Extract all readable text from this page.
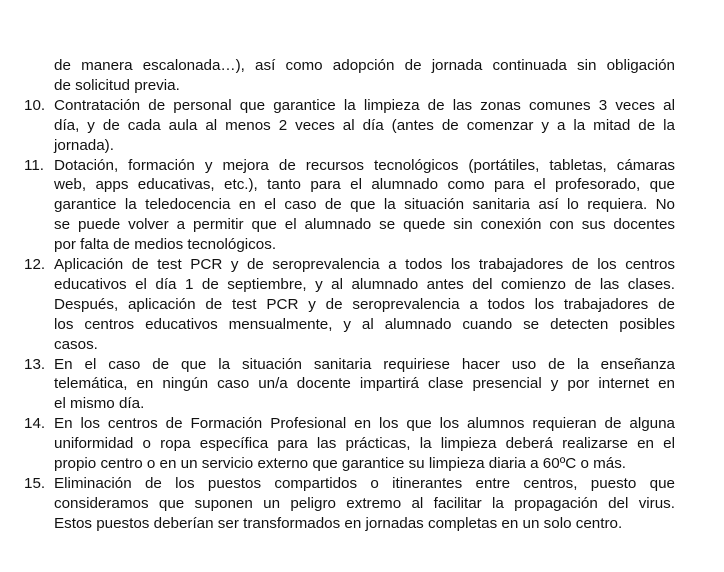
de manera escalonada…), así como adopción de jornada continuada sin obligación
de solicitud previa.
10. Contratación de personal que garantice la limpieza de las zonas comunes 3 veces al
día, y de cada aula al menos 2 veces al día (antes de comenzar y a la mitad de la
jornada).
11. Dotación, formación y mejora de recursos tecnológicos (portátiles, tabletas, cámaras
web, apps educativas, etc.), tanto para el alumnado como para el profesorado, que
garantice la teledocencia en el caso de que la situación sanitaria así lo requiera. No
se puede volver a permitir que el alumnado se quede sin conexión con sus docentes
por falta de medios tecnológicos.
12. Aplicación de test PCR y de seroprevalencia a todos los trabajadores de los centros
educativos el día 1 de septiembre, y al alumnado antes del comienzo de las clases.
Después, aplicación de test PCR y de seroprevalencia a todos los trabajadores de
los centros educativos mensualmente, y al alumnado cuando se detecten posibles
casos.
13. En el caso de que la situación sanitaria requiriese hacer uso de la enseñanza
telemática, en ningún caso un/a docente impartirá clase presencial y por internet en
el mismo día.
14. En los centros de Formación Profesional en los que los alumnos requieran de alguna
uniformidad o ropa específica para las prácticas, la limpieza deberá realizarse en el
propio centro o en un servicio externo que garantice su limpieza diaria a 60ºC o más.
15. Eliminación de los puestos compartidos o itinerantes entre centros, puesto que
consideramos que suponen un peligro extremo al facilitar la propagación del virus.
Estos puestos deberían ser transformados en jornadas completas en un solo centro.
